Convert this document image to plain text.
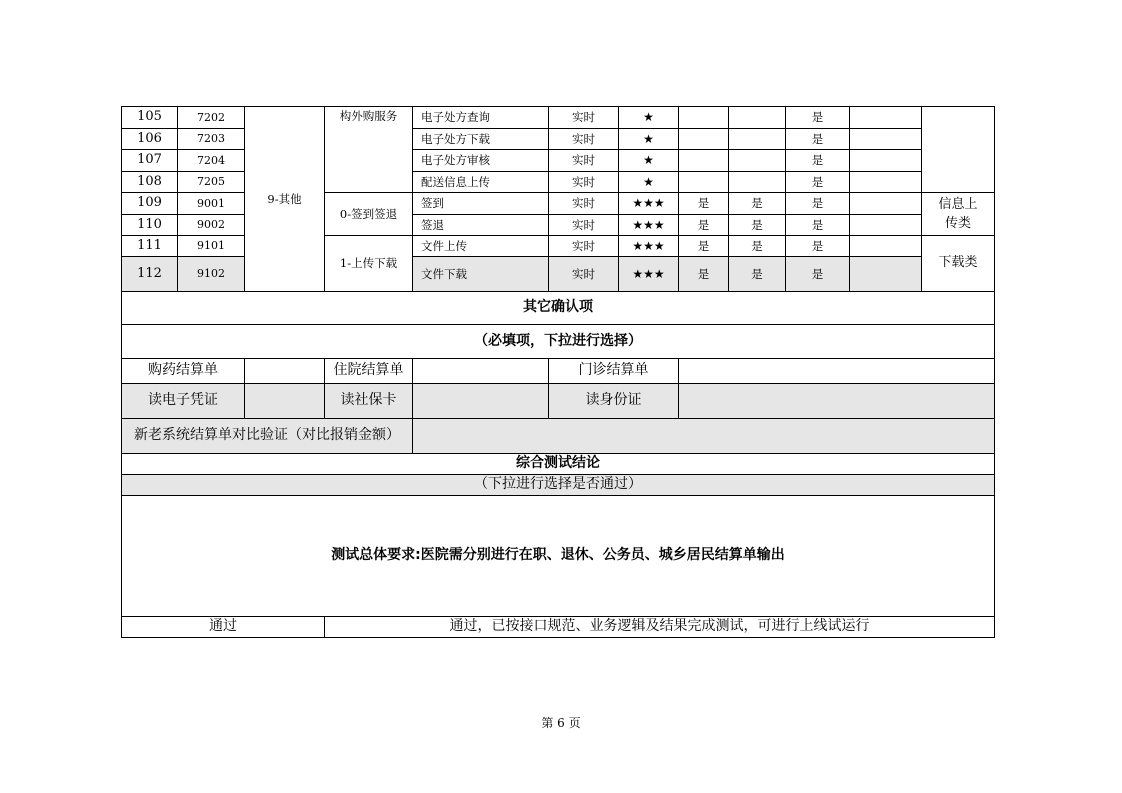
105	7202	9-其他	构外购服务	电子处方查询	实时	★			是		
106	7203			电子处方下载	实时	★			是		
107	7204			电子处方审核	实时	★			是		
108	7205			配送信息上传	实时	★			是		
109	9001		0-签到签退	签到	实时	★★★	是	是	是		信息上传类
110	9002			签退	实时	★★★	是	是	是		
111	9101		1-上传下载	文件上传	实时	★★★	是	是	是		下载类
112	9102			文件下载	实时	★★★	是	是	是		
其它确认项					
（必填项，下拉进行选择）					
购药结算单		住院结算单		门诊结算单	
读电子凭证		读社保卡		读身份证	
新老系统结算单对比验证（对比报销金额）					
综合测试结论					
（下拉进行选择是否通过）					
测试总体要求:医院需分别进行在职、退休、公务员、城乡居民结算单输出					
通过		通过，已按接口规范、业务逻辑及结果完成测试，可进行上线试运行			
第 6 页
